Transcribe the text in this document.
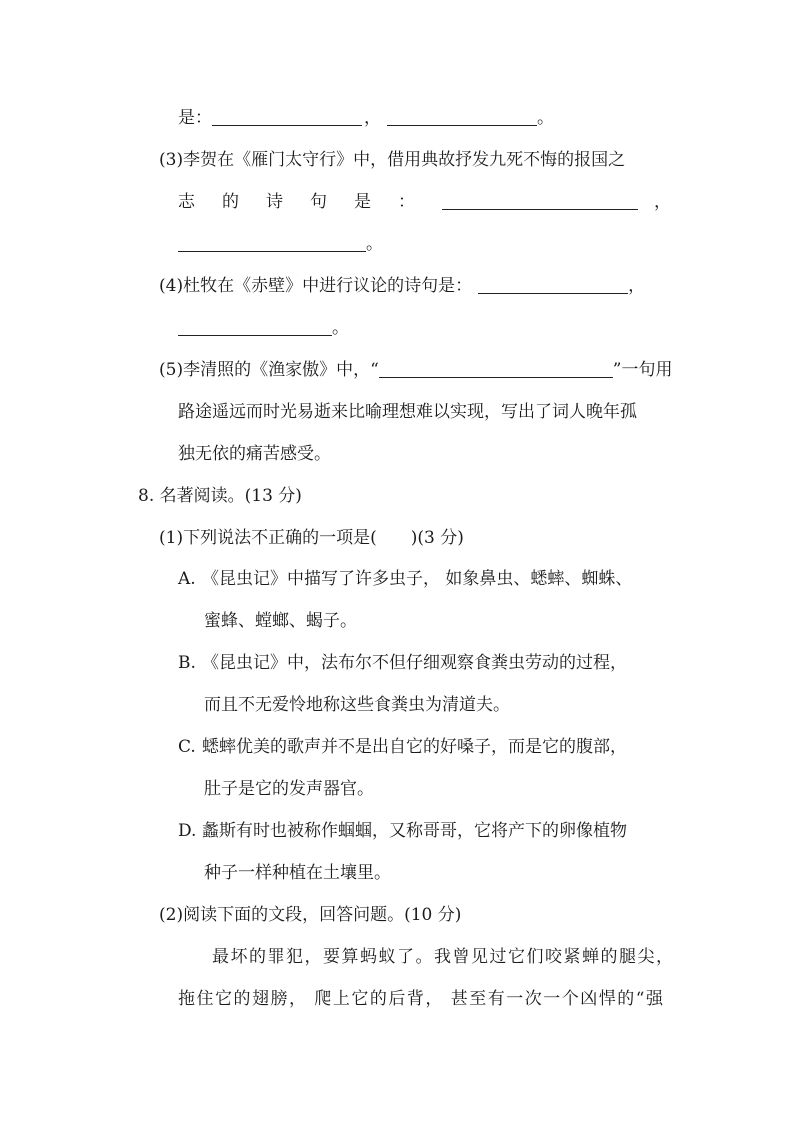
是：	，	。
(3)李贺在《雁门太守行》中，借用典故抒发九死不悔的报国之
志 的 诗 句 是 ：	，
。
(4)杜牧在《赤壁》中进行议论的诗句是：	，
。
(5)李清照的《渔家傲》中，“	”一句用
路途遥远而时光易逝来比喻理想难以实现，写出了词人晚年孤
独无依的痛苦感受。
8. 名著阅读。(13 分)
(1)下列说法不正确的一项是(　　)(3 分)
A. 《昆虫记》中描写了许多虫子， 如象鼻虫、蟋蟀、蜘蛛、
蜜蜂、螳螂、蝎子。
B. 《昆虫记》中，法布尔不但仔细观察食粪虫劳动的过程，
而且不无爱怜地称这些食粪虫为清道夫。
C. 蟋蟀优美的歌声并不是出自它的好嗓子，而是它的腹部，
肚子是它的发声器官。
D. 蠡斯有时也被称作蝈蝈，又称哥哥，它将产下的卵像植物
种子一样种植在土壤里。
(2)阅读下面的文段，回答问题。(10 分)
最坏的罪犯，要算蚂蚁了。我曾见过它们咬紧蝉的腿尖，
拖住它的翅膀， 爬上它的后背， 甚至有一次一个凶悍的“强
